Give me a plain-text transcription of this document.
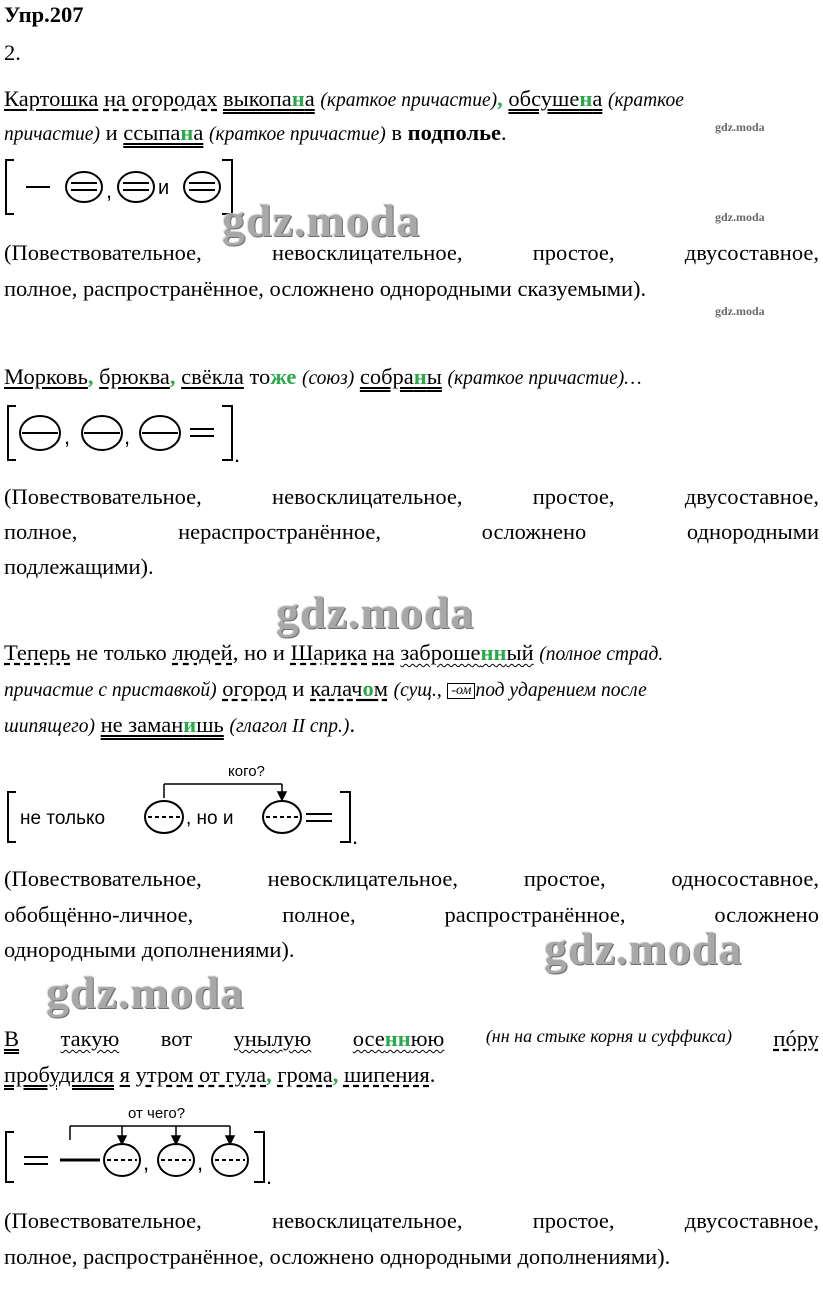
Упр.207
2.
Картошка на огородах выкопана (краткое причастие), обсушена (краткое
причастие) и ссыпана (краткое причастие) в подполье.	gdz.moda
, и
gdz.moda	gdz.moda
(Повествовательное,	невосклицательное,	простое,	двусоставное,
полное, распространённое, осложнено однородными сказуемыми).
gdz.moda
Морковь, брюква, свёкла тоже (союз) собраны (краткое причастие)…
, ,
.
(Повествовательное,	невосклицательное,	простое,	двусоставное,
полное,	нераспространённое,	осложнено	однородными
подлежащими).
gdz.moda
Теперь не только людей, но и Шарика на заброшенный (полное страд.
причастие с приставкой) огород и калачом (сущ., -ом под ударением после
шипящего) не заманишь (глагол II спр.).
кого?
не только	, но и
.
(Повествовательное,	невосклицательное,	простое,	односоставное,
обобщённо-личное,	полное,	распространённое,	осложнено
однородными дополнениями).	gdz.moda
gdz.moda
В такую вот унылую осеннюю (нн на стыке корня и суффикса) пóру
пробудился я утром от гула, грома, шипения.
от чего?
, ,
.
(Повествовательное,	невосклицательное,	простое,	двусоставное,
полное, распространённое, осложнено однородными дополнениями).
